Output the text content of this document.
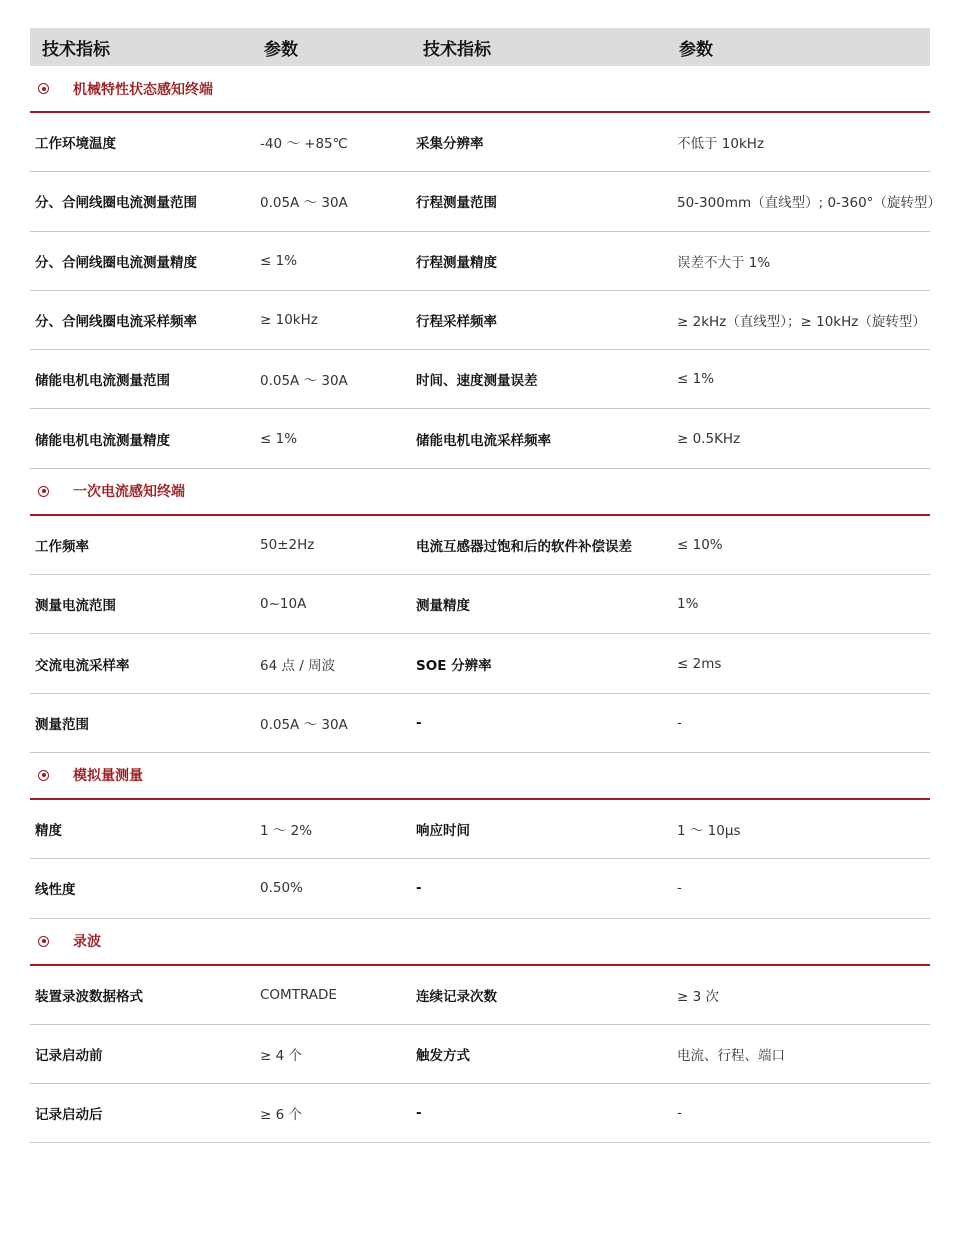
技术指标	参数	技术指标	参数
机械特性状态感知终端
工作环境温度	-40 ～ +85℃	采集分辨率	不低于 10kHz
分、合闸线圈电流测量范围	0.05A ～ 30A	行程测量范围	50-300mm（直线型）; 0-360°（旋转型）
分、合闸线圈电流测量精度	≤ 1%	行程测量精度	误差不大于 1%
分、合闸线圈电流采样频率	≥ 10kHz	行程采样频率	≥ 2kHz（直线型）；≥ 10kHz（旋转型）
储能电机电流测量范围	0.05A ～ 30A	时间、速度测量误差	≤ 1%
储能电机电流测量精度	≤ 1%	储能电机电流采样频率	≥ 0.5KHz
一次电流感知终端
工作频率	50±2Hz	电流互感器过饱和后的软件补偿误差	≤ 10%
测量电流范围	0~10A	测量精度	1%
交流电流采样率	64 点 / 周波	SOE 分辨率	≤ 2ms
测量范围	0.05A ～ 30A	-	-
模拟量测量
精度	1 ～ 2%	响应时间	1 ～ 10μs
线性度	0.50%	-	-
录波
装置录波数据格式	COMTRADE	连续记录次数	≥ 3 次
记录启动前	≥ 4 个	触发方式	电流、行程、端口
记录启动后	≥ 6 个	-	-
